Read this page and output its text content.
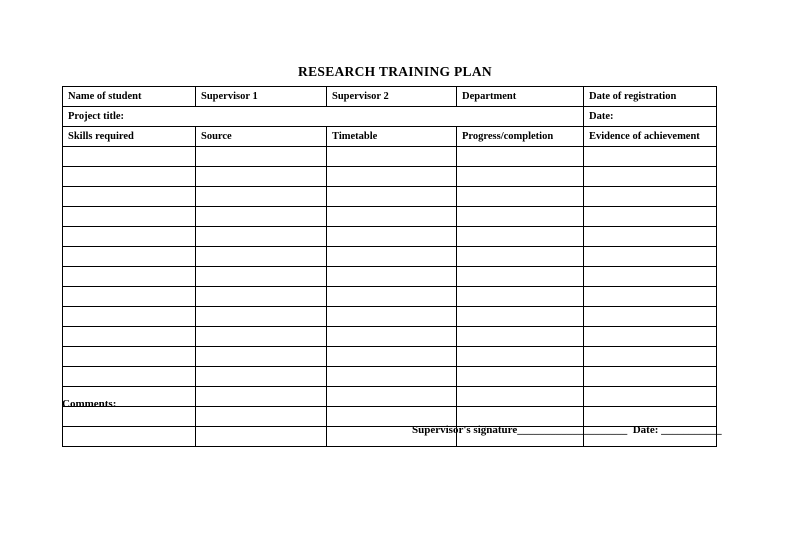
RESEARCH TRAINING PLAN
Name of student	Supervisor 1	Supervisor 2	Department	Date of registration
Project title:				Date:
Skills required	Source	Timetable	Progress/completion	Evidence of achievement

Comments:
Supervisor's signature____________________  Date: ___________
